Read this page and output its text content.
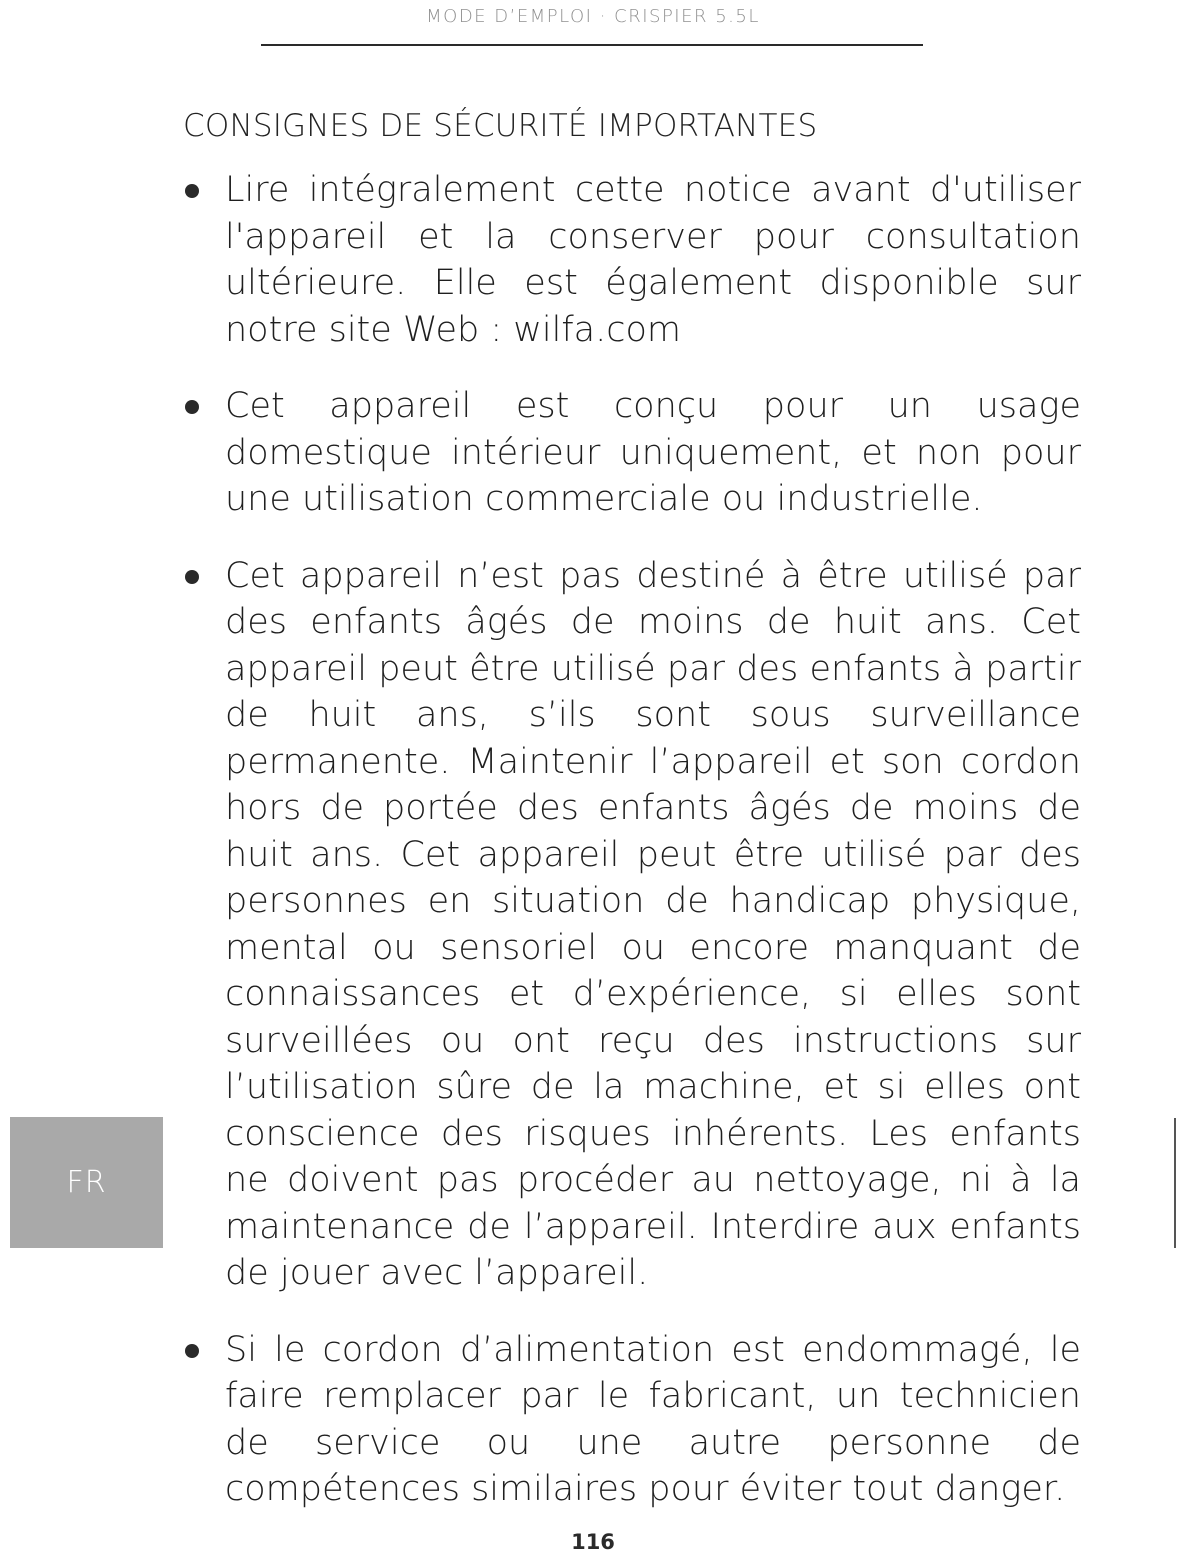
MODE D’EMPLOI · CRISPIER 5.5L
CONSIGNES DE SÉCURITÉ IMPORTANTES
Lire intégralement cette notice avant d'utiliser l'appareil et la conserver pour consultation ultérieure. Elle est également disponible sur notre site Web : wilfa.com
Cet appareil est conçu pour un usage domestique intérieur uniquement, et non pour une utilisation commerciale ou industrielle.
Cet appareil n’est pas destiné à être utilisé par des enfants âgés de moins de huit ans. Cet appareil peut être utilisé par des enfants à partir de huit ans, s’ils sont sous surveillance permanente. Maintenir l’appareil et son cordon hors de portée des enfants âgés de moins de huit ans. Cet appareil peut être utilisé par des personnes en situation de handicap physique, mental ou sensoriel ou encore manquant de connaissances et d’expérience, si elles sont surveillées ou ont reçu des instructions sur l’utilisation sûre de la machine, et si elles ont conscience des risques inhérents. Les enfants ne doivent pas procéder au nettoyage, ni à la maintenance de l’appareil. Interdire aux enfants de jouer avec l’appareil.
Si le cordon d’alimentation est endommagé, le faire remplacer par le fabricant, un technicien de service ou une autre personne de compétences similaires pour éviter tout danger.
FR
116
